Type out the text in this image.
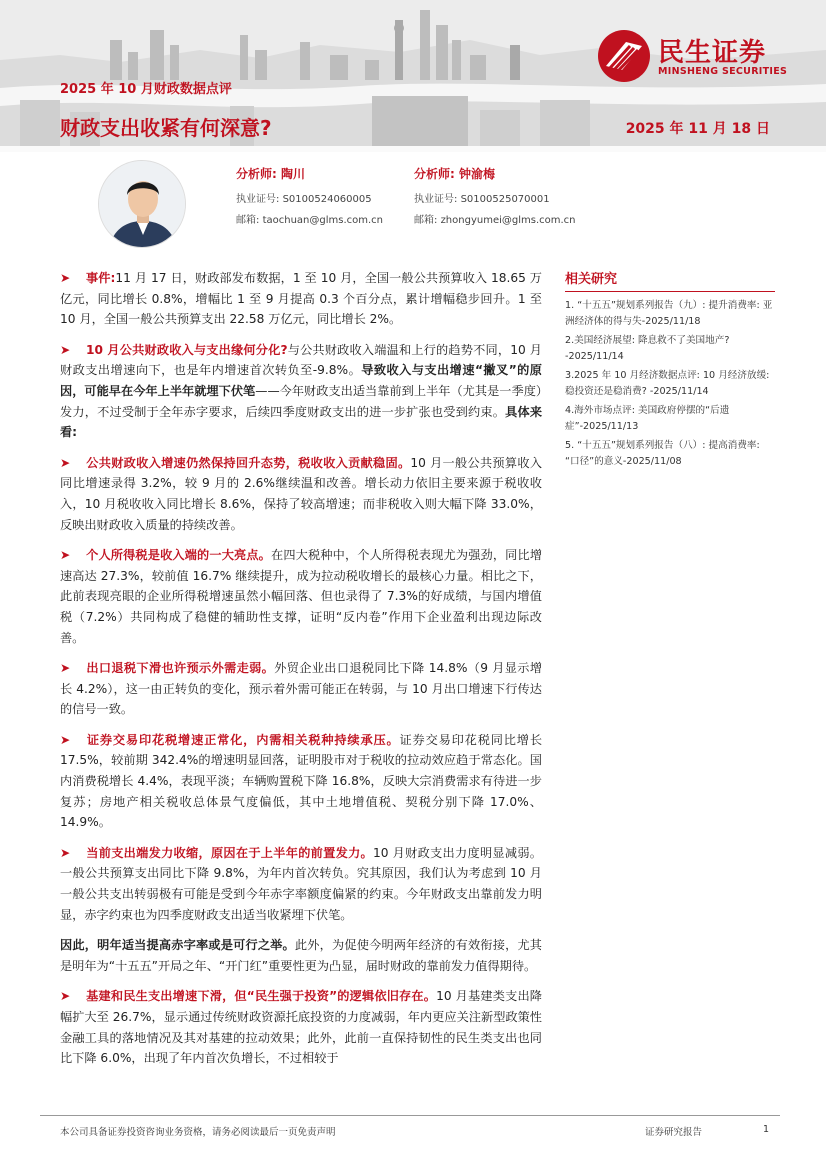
2025 年 10 月财政数据点评
财政支出收紧有何深意?	2025 年 11 月 18 日
民生证券
MINSHENG SECURITIES
分析师: 陶川
执业证号: S0100524060005
邮箱: taochuan@glms.com.cn
分析师: 钟渝梅
执业证号: S0100525070001
邮箱: zhongyumei@glms.com.cn
➤ 事件:11 月 17 日，财政部发布数据，1 至 10 月，全国一般公共预算收入 18.65 万亿元，同比增长 0.8%，增幅比 1 至 9 月提高 0.3 个百分点，累计增幅稳步回升。1 至 10 月，全国一般公共预算支出 22.58 万亿元，同比增长 2%。
➤ 10 月公共财政收入与支出缘何分化?与公共财政收入端温和上行的趋势不同，10 月财政支出增速向下，也是年内增速首次转负至-9.8%。导致收入与支出增速“撇叉”的原因，可能早在今年上半年就埋下伏笔——今年财政支出适当靠前到上半年（尤其是一季度）发力，不过受制于全年赤字要求，后续四季度财政支出的进一步扩张也受到约束。具体来看:
➤ 公共财政收入增速仍然保持回升态势，税收收入贡献稳固。10 月一般公共预算收入同比增速录得 3.2%，较 9 月的 2.6%继续温和改善。增长动力依旧主要来源于税收收入，10 月税收收入同比增长 8.6%，保持了较高增速；而非税收入则大幅下降 33.0%，反映出财政收入质量的持续改善。
➤ 个人所得税是收入端的一大亮点。在四大税种中，个人所得税表现尤为强劲，同比增速高达 27.3%，较前值 16.7% 继续提升，成为拉动税收增长的最核心力量。相比之下，此前表现亮眼的企业所得税增速虽然小幅回落、但也录得了 7.3%的好成绩，与国内增值税（7.2%）共同构成了稳健的辅助性支撑，证明“反内卷”作用下企业盈利出现边际改善。
➤ 出口退税下滑也许预示外需走弱。外贸企业出口退税同比下降 14.8%（9 月显示增长 4.2%），这一由正转负的变化，预示着外需可能正在转弱，与 10 月出口增速下行传达的信号一致。
➤ 证券交易印花税增速正常化，内需相关税种持续承压。证券交易印花税同比增长 17.5%，较前期 342.4%的增速明显回落，证明股市对于税收的拉动效应趋于常态化。国内消费税增长 4.4%，表现平淡；车辆购置税下降 16.8%，反映大宗消费需求有待进一步复苏；房地产相关税收总体景气度偏低，其中土地增值税、契税分别下降 17.0%、14.9%。
➤ 当前支出端发力收缩，原因在于上半年的前置发力。10 月财政支出力度明显减弱。一般公共预算支出同比下降 9.8%，为年内首次转负。究其原因，我们认为考虑到 10 月一般公共支出转弱极有可能是受到今年赤字率额度偏紧的约束。今年财政支出靠前发力明显，赤字约束也为四季度财政支出适当收紧埋下伏笔。
因此，明年适当提高赤字率或是可行之举。此外，为促使今明两年经济的有效衔接，尤其是明年为“十五五”开局之年、“开门红”重要性更为凸显，届时财政的靠前发力值得期待。
➤ 基建和民生支出增速下滑，但“民生强于投资”的逻辑依旧存在。10 月基建类支出降幅扩大至 26.7%，显示通过传统财政资源托底投资的力度减弱，年内更应关注新型政策性金融工具的落地情况及其对基建的拉动效果；此外，此前一直保持韧性的民生类支出也同比下降 6.0%，出现了年内首次负增长，不过相较于
相关研究
1. “十五五”规划系列报告（九）: 提升消费率: 亚洲经济体的得与失-2025/11/18
2.美国经济展望: 降息救不了美国地产? -2025/11/14
3.2025 年 10 月经济数据点评: 10 月经济放缓: 稳投资还是稳消费? -2025/11/14
4.海外市场点评: 美国政府停摆的“后遗症”-2025/11/13
5. “十五五”规划系列报告（八）: 提高消费率: “口径”的意义-2025/11/08
本公司具备证券投资咨询业务资格，请务必阅读最后一页免责声明	证券研究报告	1
